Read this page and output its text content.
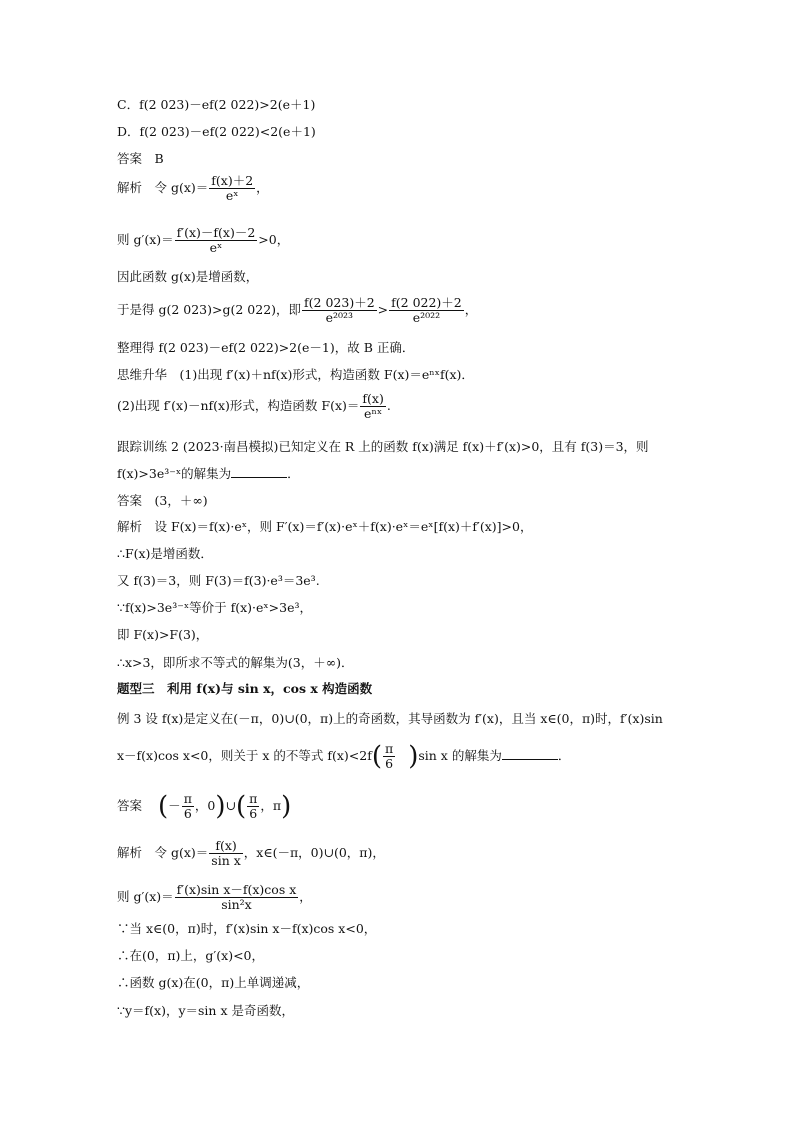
C．f(2 023)－ef(2 022)>2(e＋1)
D．f(2 023)－ef(2 022)<2(e＋1)
答案　B
解析　令 $g(x)= \frac{f(x)+2}{\text{eˣ}}$ ，
则 $g'(x)= \frac{f'(x)-f(x)-2}{\text{eˣ}} >0$，
因此函数 g(x)是增函数，
于是得 g(2 023)>g(2 022)，即 $\frac{f(2 023)+2}{\text{e²⁰²³}} > \frac{f(2 022)+2}{\text{e²⁰²²}}$ ，
整理得 f(2 023)－ef(2 022)>2(e－1)，故 B 正确．
思维升华　(1)出现 f′(x)＋nf(x)形式，构造函数 F(x)＝eⁿˣf(x)．
(2)出现 f′(x)－nf(x)形式，构造函数 $F(x)= \frac{f(x)}{\text{eⁿˣ}}$ .
跟踪训练 2 (2023·南昌模拟)已知定义在 R 上的函数 f(x)满足 f(x)＋f′(x)>0，且有 f(3)＝3，则
f(x)>3e³⁻ˣ的解集为	．
答案　(3，＋∞)
解析　设 F(x)＝f(x)·eˣ，则 F′(x)＝f′(x)·eˣ＋f(x)·eˣ＝eˣ[f(x)＋f′(x)]>0，
∴F(x)是增函数．
又 f(3)＝3，则 F(3)＝f(3)·e³＝3e³.
∵f(x)>3e³⁻ˣ等价于 f(x)·eˣ>3e³，
即 F(x)>F(3)，
∴x>3，即所求不等式的解集为(3，＋∞)．
题型三　利用 f(x)与 sin x，cos x 构造函数
例 3 设 f(x)是定义在(－π，0)∪(0，π)上的奇函数，其导函数为 f′(x)，且当 x∈(0，π)时，f′(x)sin
x－f(x)cos x<0，则关于 x 的不等式 $f(x)<2f( \frac{\pi}{6} )\sin$ x 的解集为	．
答案 (－ $\frac{\pi}{6}$ ，0)∪( $\frac{\pi}{6}$ ，π)
解析　令 $g(x)= \frac{f(x)}{\text{sin x}}$ ，x∈(－π，0)∪(0，π)，
则 $g'(x)= \frac{\text{f′(x)sin x－f(x)cos x}}{\text{sin²x}}$ ，
∵当 x∈(0，π)时，f′(x)sin x－f(x)cos x<0，
∴在(0，π)上，g′(x)<0，
∴函数 g(x)在(0，π)上单调递减，
∵y＝f(x)，y＝sin x 是奇函数，
